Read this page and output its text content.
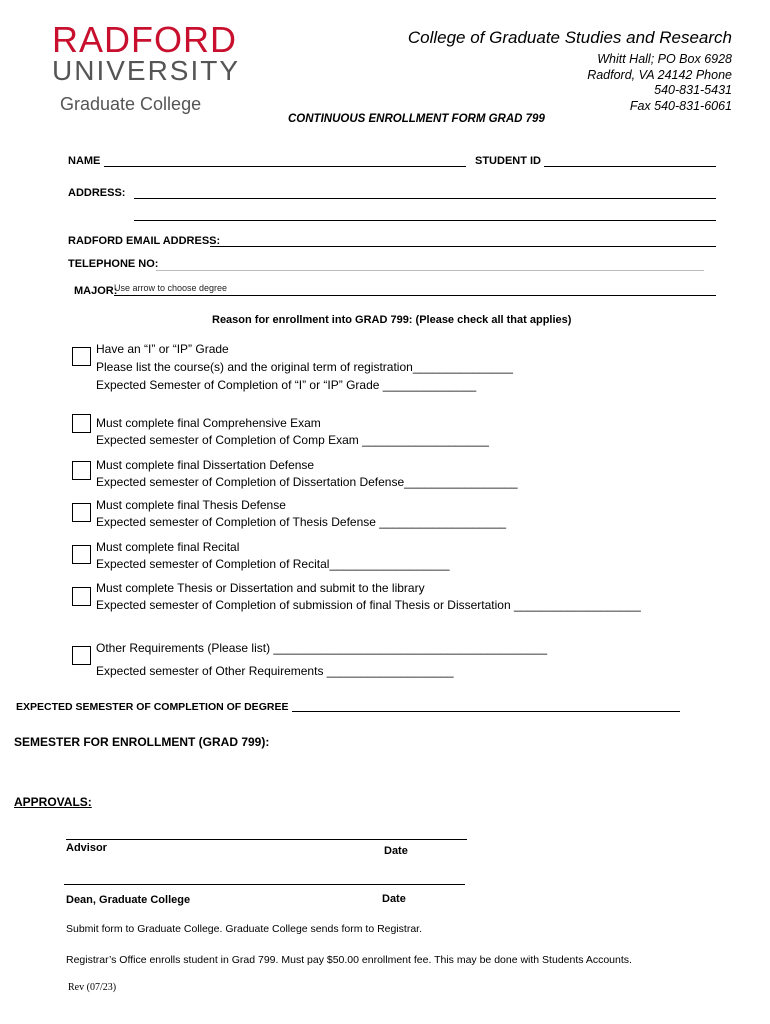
RADFORD
UNIVERSITY
Graduate College
College of Graduate Studies and Research
Whitt Hall; PO Box 6928
Radford, VA 24142 Phone
540-831-5431
Fax 540-831-6061
CONTINUOUS ENROLLMENT FORM GRAD 799
NAME	STUDENT ID
ADDRESS:
RADFORD EMAIL ADDRESS:
TELEPHONE NO:
MAJOR:
Use arrow to choose degree
Reason for enrollment into GRAD 799: (Please check all that applies)
Have an “I” or “IP” Grade
Please list the course(s) and the original term of registration_______________
Expected Semester of Completion of “I” or “IP” Grade ______________
Must complete final Comprehensive Exam
Expected semester of Completion of Comp Exam ___________________
Must complete final Dissertation Defense
Expected semester of Completion of Dissertation Defense_________________
Must complete final Thesis Defense
Expected semester of Completion of Thesis Defense ___________________
Must complete final Recital
Expected semester of Completion of Recital__________________
Must complete Thesis or Dissertation and submit to the library
Expected semester of Completion of submission of final Thesis or Dissertation ___________________
Other Requirements (Please list) _________________________________________
Expected semester of Other Requirements ___________________
EXPECTED SEMESTER OF COMPLETION OF DEGREE
SEMESTER FOR ENROLLMENT (GRAD 799):
APPROVALS:
Advisor	Date
Dean, Graduate College	Date
Submit form to Graduate College. Graduate College sends form to Registrar.
Registrar’s Office enrolls student in Grad 799. Must pay $50.00 enrollment fee. This may be done with Students Accounts.
Rev (07/23)
